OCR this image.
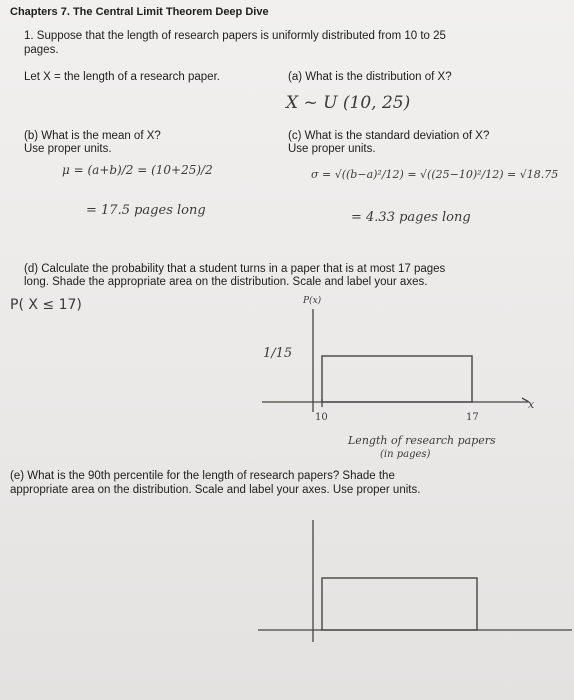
Chapters 7. The Central Limit Theorem Deep Dive
1. Suppose that the length of research papers is uniformly distributed from 10 to 25
pages.
Let X = the length of a research paper.	(a) What is the distribution of X?
(b) What is the mean of X?
Use proper units.
(c) What is the standard deviation of X?
Use proper units.
(d) Calculate the probability that a student turns in a paper that is at most 17 pages
long. Shade the appropriate area on the distribution. Scale and label your axes.
(e) What is the 90th percentile for the length of research papers? Shade the
appropriate area on the distribution. Scale and label your axes. Use proper units.
X ~ U (10, 25)
μ = (a+b)/2 = (10+25)/2
= 17.5 pages long
σ = √((b−a)²/12) = √((25−10)²/12) = √18.75
= 4.33 pages long
P( X ≤ 17)	P(x)
1/15
10	17
x
Length of research papers
(in pages)
